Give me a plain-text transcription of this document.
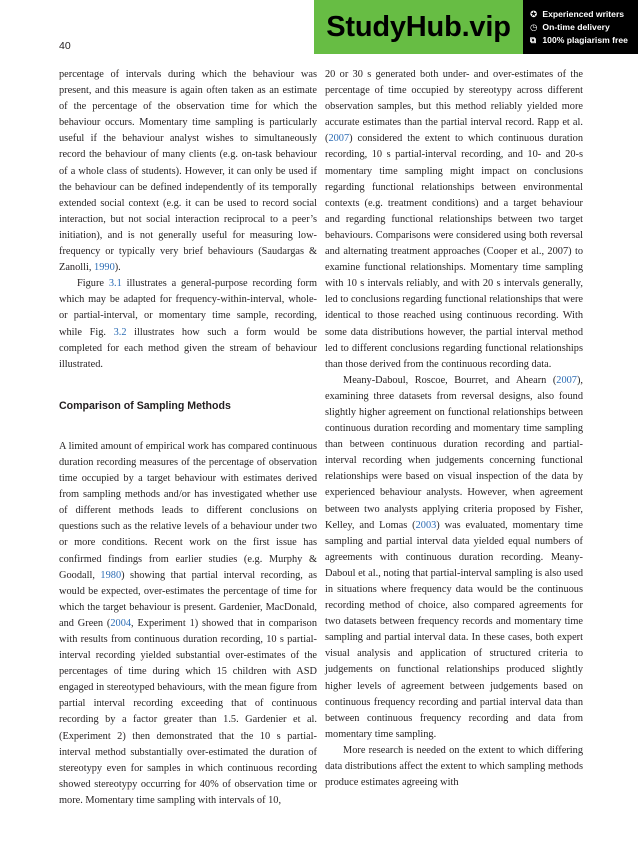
40
StudyHub.vip	✪ Experienced writers
◷ On-time delivery
⧉ 100% plagiarism free

percentage of intervals during which the behaviour was present, and this measure is again often taken as an estimate of the percentage of the observation time for which the behaviour occurs. Momentary time sampling is particularly useful if the behaviour analyst wishes to simultaneously record the behaviour of many clients (e.g. on-task behaviour of a whole class of students). However, it can only be used if the behaviour can be defined independently of its temporally extended social context (e.g. it can be used to record social interaction, but not social interaction reciprocal to a peer’s initiation), and is not generally useful for measuring low-frequency or typically very brief behaviours (Saudargas & Zanolli, 1990).

Figure 3.1 illustrates a general-purpose recording form which may be adapted for frequency-within-interval, whole- or partial-interval, or momentary time sample, recording, while Fig. 3.2 illustrates how such a form would be completed for each method given the stream of behaviour illustrated.

Comparison of Sampling Methods

A limited amount of empirical work has compared continuous duration recording measures of the percentage of observation time occupied by a target behaviour with estimates derived from sampling methods and/or has investigated whether use of different methods leads to different conclusions on questions such as the relative levels of a behaviour under two or more conditions. Recent work on the first issue has confirmed findings from earlier studies (e.g. Murphy & Goodall, 1980) showing that partial interval recording, as would be expected, over-estimates the percentage of time for which the target behaviour is present. Gardenier, MacDonald, and Green (2004, Experiment 1) showed that in comparison with results from continuous duration recording, 10 s partial-interval recording yielded substantial over-estimates of the percentages of time during which 15 children with ASD engaged in stereotyped behaviours, with the mean figure from partial interval recording exceeding that of continuous recording by a factor greater than 1.5. Gardenier et al. (Experiment 2) then demonstrated that the 10 s partial-interval method substantially over-estimated the duration of stereotypy even for samples in which continuous recording showed stereotypy occurring for 40% of observation time or more. Momentary time sampling with intervals of 10,

20 or 30 s generated both under- and over-estimates of the percentage of time occupied by stereotypy across different observation samples, but this method reliably yielded more accurate estimates than the partial interval record. Rapp et al. (2007) considered the extent to which continuous duration recording, 10 s partial-interval recording, and 10- and 20-s momentary time sampling might impact on conclusions regarding functional relationships between environmental contexts (e.g. treatment conditions) and a target behaviour and regarding functional relationships between two target behaviours. Comparisons were considered using both reversal and alternating treatment approaches (Cooper et al., 2007) to examine functional relationships. Momentary time sampling with 10 s intervals reliably, and with 20 s intervals generally, led to conclusions regarding functional relationships that were identical to those reached using continuous recording. With some data distributions however, the partial interval method led to different conclusions regarding functional relationships than those derived from the continuous recording data.

Meany-Daboul, Roscoe, Bourret, and Ahearn (2007), examining three datasets from reversal designs, also found slightly higher agreement on functional relationships between continuous duration recording and momentary time sampling than between continuous duration recording and partial-interval recording when judgements concerning functional relationships were based on visual inspection of the data by experienced behaviour analysts. However, when agreement between two analysts applying criteria proposed by Fisher, Kelley, and Lomas (2003) was evaluated, momentary time sampling and partial interval data yielded equal numbers of agreements with continuous duration recording. Meany-Daboul et al., noting that partial-interval sampling is also used in situations where frequency data would be the continuous recording method of choice, also compared agreements for two datasets between frequency records and momentary time sampling and partial interval data. In these cases, both expert visual analysis and application of structured criteria to judgements on functional relationships produced slightly higher levels of agreement between judgements based on continuous frequency recording and partial interval data than between continuous frequency recording and data from momentary time sampling.

More research is needed on the extent to which differing data distributions affect the extent to which sampling methods produce estimates agreeing with
